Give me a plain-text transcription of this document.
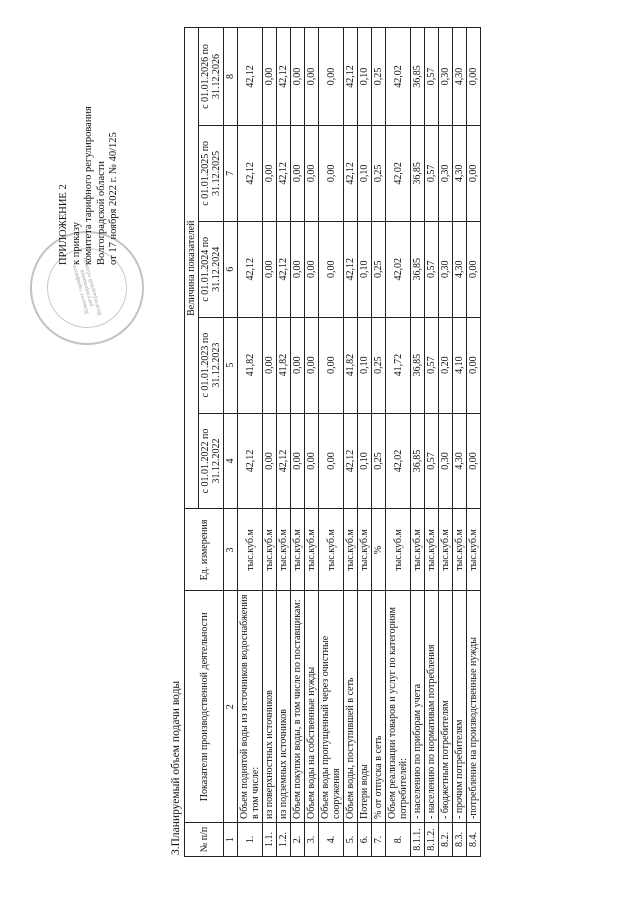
Комитет тарифного регулирования Волгоградской области
ПРИЛОЖЕНИЕ 2 к приказу комитета тарифного регулирования Волгоградской области от 17 ноября 2022 г. № 40/125
3.Планируемый объем подачи воды № п/п	Показатели производственной деятельности	Ед. измерения	Величина показателей				
			с 01.01.2022 по 31.12.2022	с 01.01.2023 по 31.12.2023	с 01.01.2024 по 31.12.2024	с 01.01.2025 по 31.12.2025	с 01.01.2026 по 31.12.2026
1	2	3	4	5	6	7	8
1.	Объем поднятой воды из источников водоснабжения в том числе:	тыс.куб.м	42,12	41,82	42,12	42,12	42,12
1.1.	из поверхностных источников	тыс.куб.м	0,00	0,00	0,00	0,00	0,00
1.2.	из подземных источников	тыс.куб.м	42,12	41,82	42,12	42,12	42,12
2.	Объем покупки воды, в том числе по поставщикам:	тыс.куб.м	0,00	0,00	0,00	0,00	0,00
3.	Объем воды на собственные нужды	тыс.куб.м	0,00	0,00	0,00	0,00	0,00
4.	Объем воды пропущенный через очистные сооружения	тыс.куб.м	0,00	0,00	0,00	0,00	0,00
5.	Объем воды, поступившей в сеть	тыс.куб.м	42,12	41,82	42,12	42,12	42,12
6.	Потери воды	тыс.куб.м	0,10	0,10	0,10	0,10	0,10
7.	% от отпуска в сеть	%	0,25	0,25	0,25	0,25	0,25
8.	Объем реализации товаров и услуг по категориям потребителей:	тыс.куб.м	42,02	41,72	42,02	42,02	42,02
8.1.1.	- населению по приборам учета	тыс.куб.м	36,85	36,85	36,85	36,85	36,85
8.1.2.	- населению по нормативам потребления	тыс.куб.м	0,57	0,57	0,57	0,57	0,57
8.2.	- бюджетным потребителям	тыс.куб.м	0,30	0,20	0,30	0,30	0,30
8.3.	- прочим потребителям	тыс.куб.м	4,30	4,10	4,30	4,30	4,30
8.4.	-потребление на производственные нужды	тыс.куб.м	0,00	0,00	0,00	0,00	0,00
